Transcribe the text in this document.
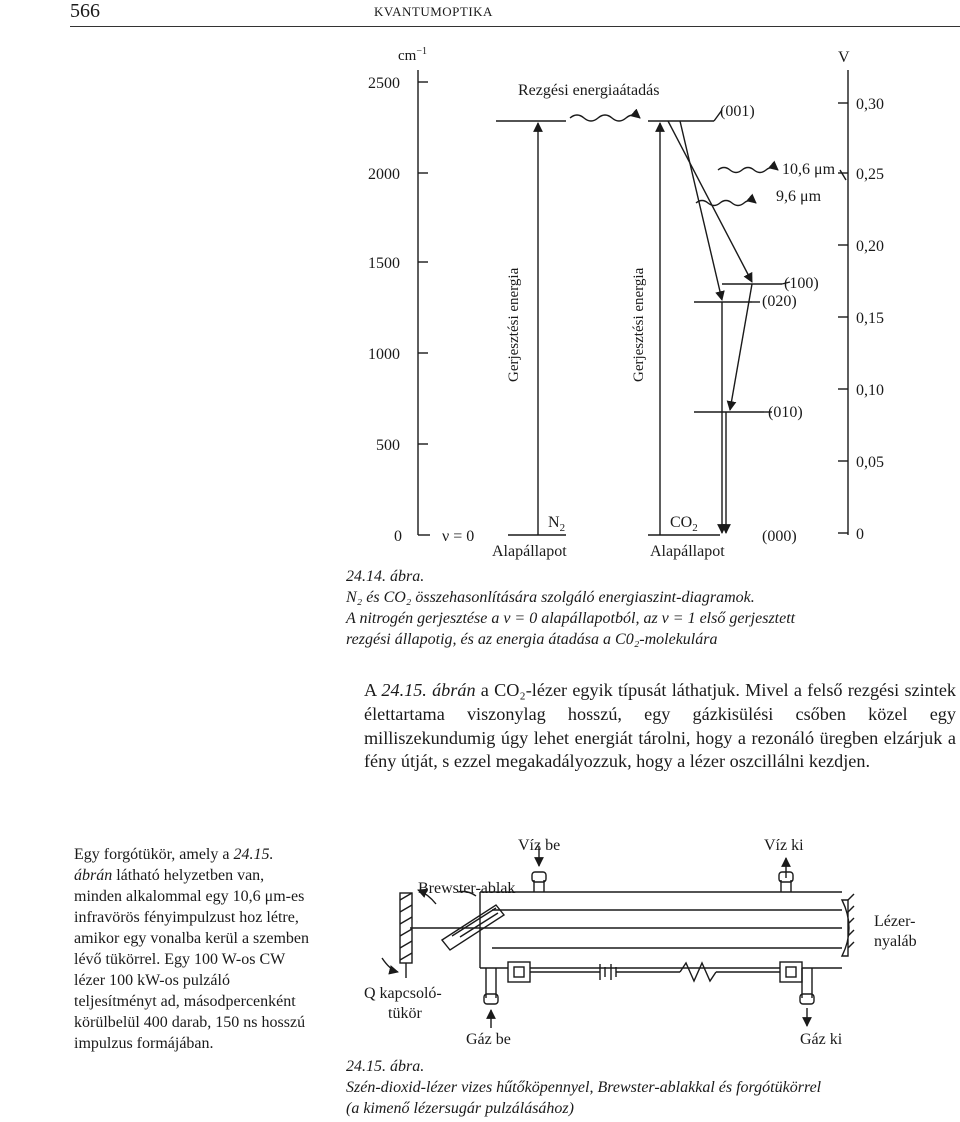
566	KVANTUMOPTIKA
$cm^{-1}$
2500
2000
1500
1000
500
0
V
0,30
0,25
0,20
0,15
0,10
0,05
0
ν = 0
Rezgési energiaátadás
Gerjesztési energia	Gerjesztési energia
$N_2$	$CO_2$
Alapállapot	Alapállapot
(001)
(100)
(020)
(010)
(000)
10,6 μm
9,6 μm
Víz be	Víz ki
Brewster-ablak
Lézer-
nyaláb
Q kapcsoló-
tükör
Gáz be	Gáz ki
24.14. ábra.
N₂ és CO₂ összehasonlítására szolgáló energiaszint-diagramok.
A nitrogén gerjesztése a ν = 0 alapállapotból, az ν = 1 első gerjesztett
rezgési állapotig, és az energia átadása a C0₂-molekulára
A 24.15. ábrán a CO₂-lézer egyik típusát láthatjuk. Mivel a felső rezgési szintek élettartama viszonylag hosszú, egy gázkisülési csőben közel egy milliszekundumig úgy lehet energiát tárolni, hogy a rezonáló üregben elzárjuk a fény útját, s ezzel megakadályozzuk, hogy a lézer oszcillálni kezdjen.
Egy forgótükör, amely a 24.15.
ábrán látható helyzetben van,
minden alkalommal egy 10,6 μm-es
infravörös fényimpulzust hoz létre,
amikor egy vonalba kerül a szemben
lévő tükörrel. Egy 100 W-os CW
lézer 100 kW-os pulzáló
teljesítményt ad, másodpercenként
körülbelül 400 darab, 150 ns hosszú
impulzus formájában.
24.15. ábra.
Szén-dioxid-lézer vizes hűtőköpennyel, Brewster-ablakkal és forgótükörrel
(a kimenő lézersugár pulzálásához)
